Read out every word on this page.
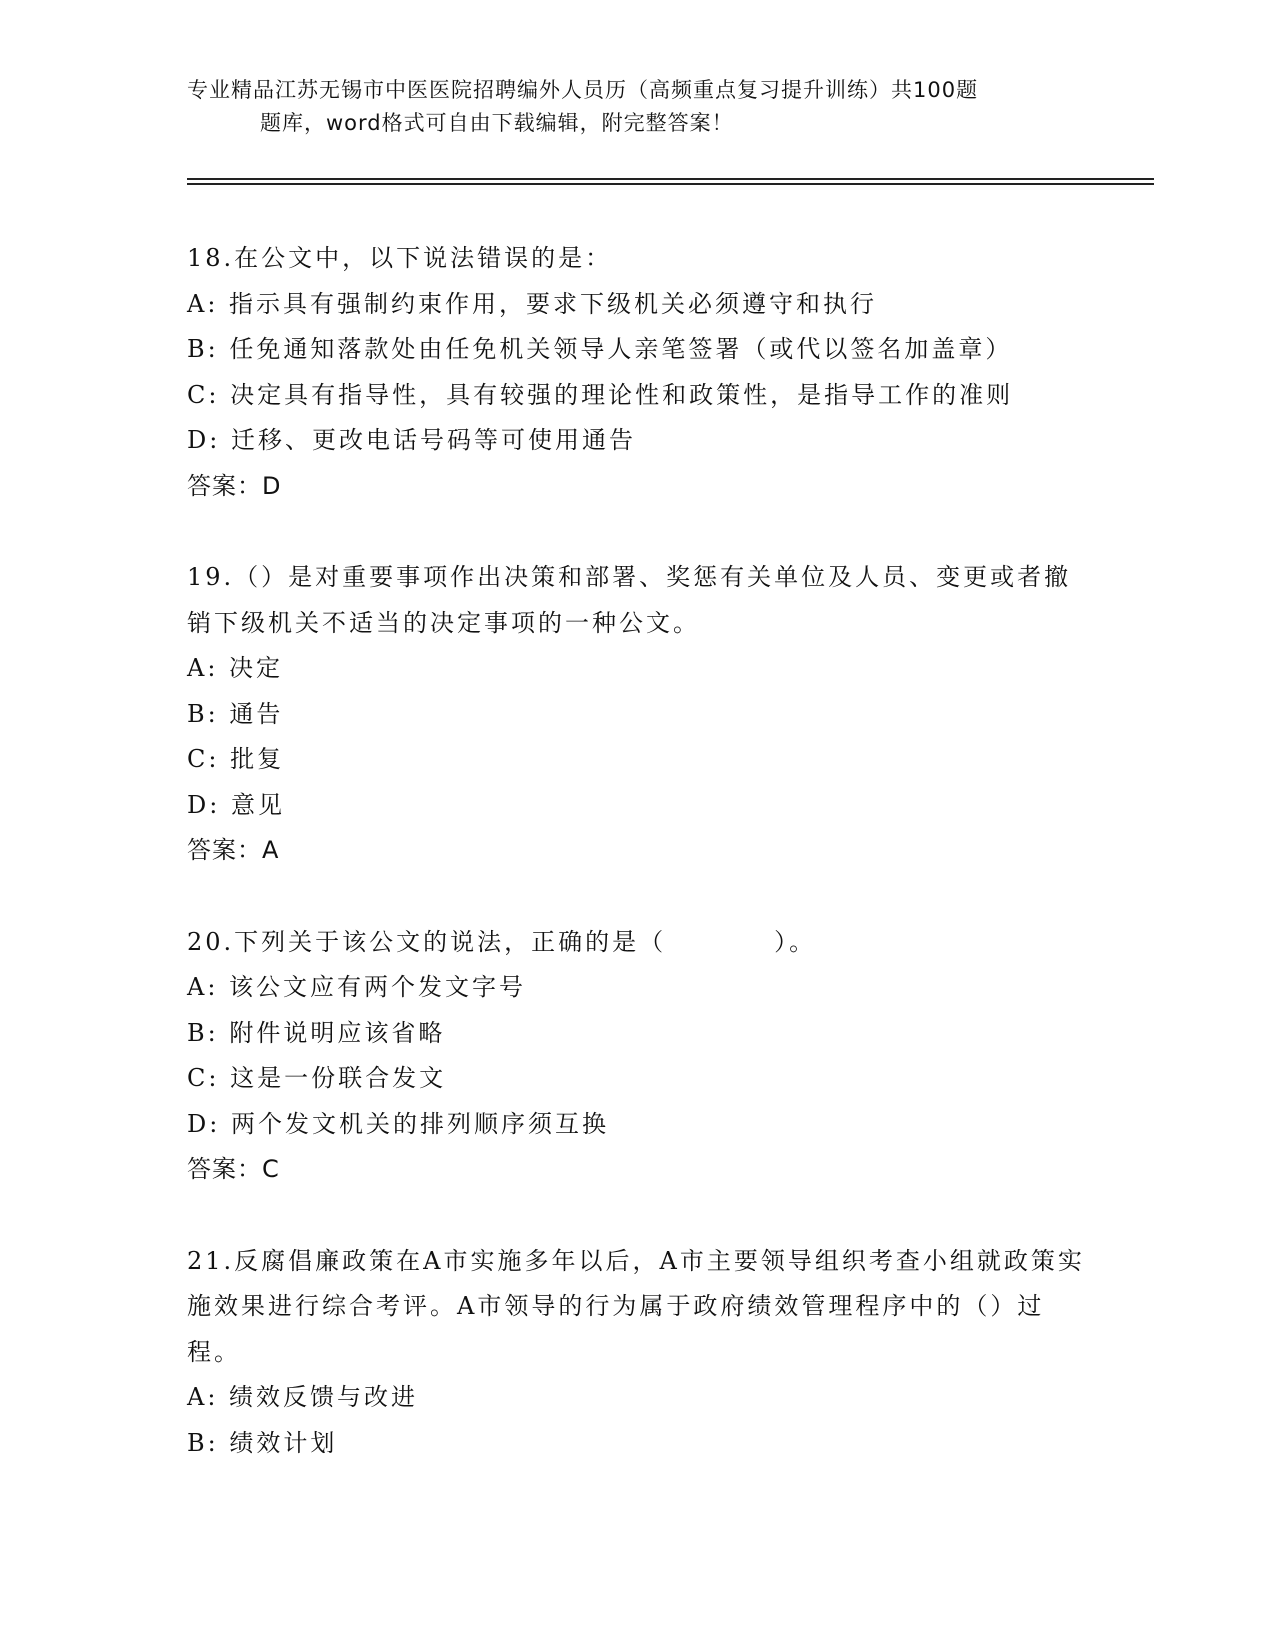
专业精品江苏无锡市中医医院招聘编外人员历（高频重点复习提升训练）共100题
题库，word格式可自由下载编辑，附完整答案！
18.在公文中，以下说法错误的是：
A: 指示具有强制约束作用，要求下级机关必须遵守和执行
B: 任免通知落款处由任免机关领导人亲笔签署（或代以签名加盖章）
C: 决定具有指导性，具有较强的理论性和政策性，是指导工作的准则
D: 迁移、更改电话号码等可使用通告
答案：D
19.（）是对重要事项作出决策和部署、奖惩有关单位及人员、变更或者撤销下级机关不适当的决定事项的一种公文。
A: 决定
B: 通告
C: 批复
D: 意见
答案：A
20.下列关于该公文的说法，正确的是（　　　　）。
A: 该公文应有两个发文字号
B: 附件说明应该省略
C: 这是一份联合发文
D: 两个发文机关的排列顺序须互换
答案：C
21.反腐倡廉政策在A市实施多年以后，A市主要领导组织考查小组就政策实施效果进行综合考评。A市领导的行为属于政府绩效管理程序中的（）过程。
A: 绩效反馈与改进
B: 绩效计划
